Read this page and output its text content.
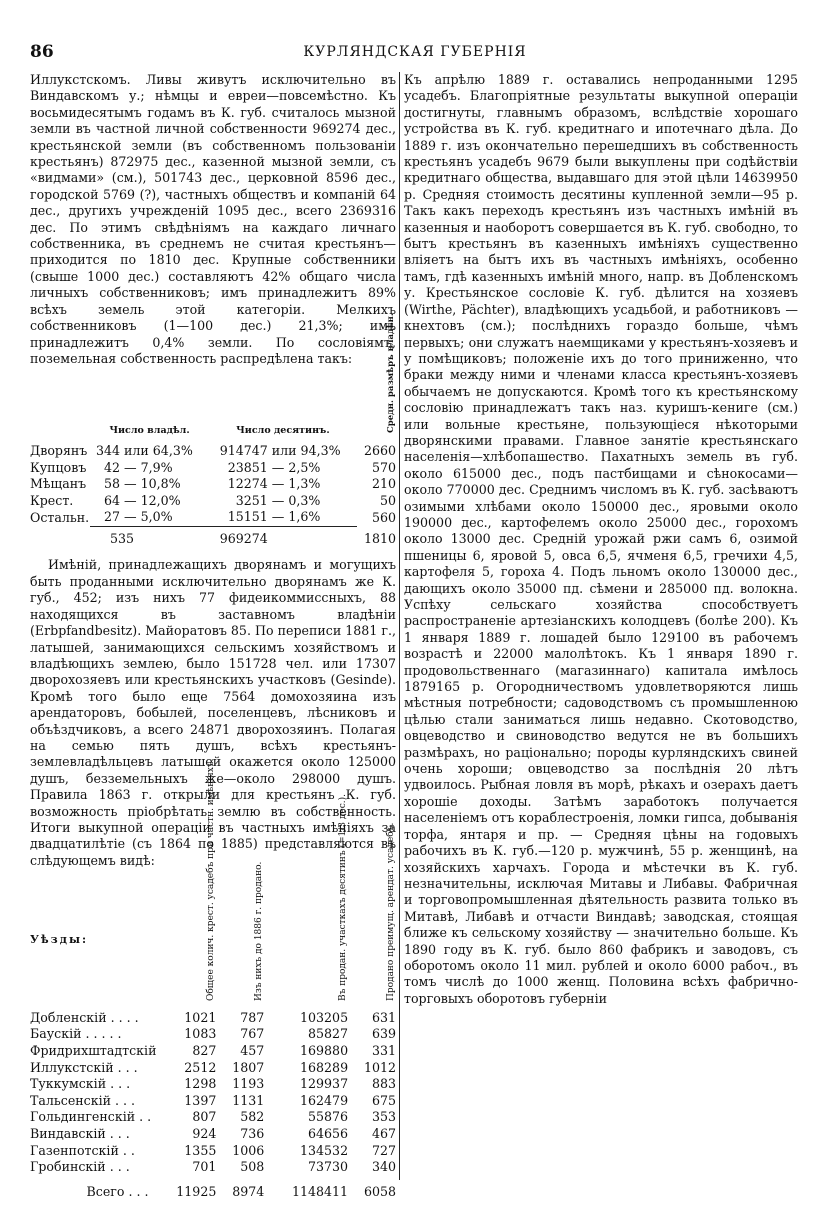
86	КУРЛЯНДСКАЯ ГУБЕРНІЯ

Иллукстскомъ. Ливы живутъ исключительно въ Виндавскомъ у.; нѣмцы и евреи—повсемѣстно. Къ восьмидесятымъ годамъ въ К. губ. считалось мызной земли въ частной личной собственности 969274 дес., крестьянской земли (въ собственномъ пользованіи крестьянъ) 872975 дес., казенной мызной земли, съ «видмами» (см.), 501743 дес., церковной 8596 дес., городской 5769 (?), частныхъ обществъ и компаній 64 дес., другихъ учрежденій 1095 дес., всего 2369316 дес. По этимъ свѣдѣніямъ на каждаго личнаго собственника, въ среднемъ не считая крестьянъ—приходится по 1810 дес. Крупные собственники (свыше 1000 дес.) составляютъ 42% общаго числа личныхъ собственниковъ; имъ принадлежитъ 89% всѣхъ земель этой категоріи. Мелкихъ собственниковъ (1—100 дес.) 21,3%; имъ принадлежитъ 0,4% земли. По сословіямъ, поземельная собственность распредѣлена такъ:

	Число владѣл.		Число десятинъ.		Средн. размѣръ владѣн.
Дворянъ	344	или 64,3%	914747	или 94,3%	2660
Купцовъ	42	— 7,9%	23851	— 2,5%	570
Мѣщанъ	58	— 10,8%	12274	— 1,3%	210
Крест.	64	— 12,0%	3251	— 0,3%	50
Остальн.	27	— 5,0%	15151	— 1,6%	560
	535		969274		1810

Имѣній, принадлежащихъ дворянамъ и могущихъ быть проданными исключительно дворянамъ же К. губ., 452; изъ нихъ 77 фидеикоммиссныхъ, 88 находящихся въ заставномъ владѣніи (Erbpfandbesitz). Майоратовъ 85. По переписи 1881 г., латышей, занимающихся сельскимъ хозяйствомъ и владѣющихъ землею, было 151728 чел. или 17307 дворохозяевъ или крестьянскихъ участковъ (Gesinde). Кромѣ того было еще 7564 домохозяина изъ арендаторовъ, бобылей, поселенцевъ, лѣсниковъ и объѣздчиковъ, а всего 24871 дворохозяинъ. Полагая на семью пять душъ, всѣхъ крестьянъ-землевладѣльцевъ латышей окажется около 125000 душъ, безземельныхъ же—около 298000 душъ. Правила 1863 г. открыли для крестьянъ К. губ. возможность пріобрѣтать землю въ собственность. Итоги выкупной операціи въ частныхъ имѣніяхъ за двадцатилѣтіе (съ 1864 по 1885) представляются въ слѣдующемъ видѣ:

Уѣзды:	Общее колич. крест. усадебъ при частн. имѣніяхъ.	Изъ нихъ до 1886 г. продано.	Въ продан. участкахъ десятинъ (=1/3 дес.).	Продано преимущ. арендат. усадебъ.
Добленскій . . . .	1021	787	103205	631
Баускій . . . . .	1083	767	85827	639
Фридрихштадтскій	827	457	169880	331
Иллукстскій . . .	2512	1807	168289	1012
Туккумскій . . .	1298	1193	129937	883
Тальсенскій . . .	1397	1131	162479	675
Гольдингенскій . .	807	582	55876	353
Виндавскій . . .	924	736	64656	467
Газенпотскій . .	1355	1006	134532	727
Гробинскій . . .	701	508	73730	340
Всего . . .	11925	8974	1148411	6058

Къ апрѣлю 1889 г. оставались непроданными 1295 усадебъ. Благопріятные результаты выкупной операціи достигнуты, главнымъ образомъ, вслѣдствіе хорошаго устройства въ К. губ. кредитнаго и ипотечнаго дѣла. До 1889 г. изъ окончательно перешедшихъ въ собственность крестьянъ усадебъ 9679 были выкуплены при содѣйствіи кредитнаго общества, выдавшаго для этой цѣли 14639950 р. Средняя стоимость десятины купленной земли—95 р. Такъ какъ переходъ крестьянъ изъ частныхъ имѣній въ казенныя и наоборотъ совершается въ К. губ. свободно, то бытъ крестьянъ въ казенныхъ имѣніяхъ существенно вліяетъ на бытъ ихъ въ частныхъ имѣніяхъ, особенно тамъ, гдѣ казенныхъ имѣній много, напр. въ Добленскомъ у. Крестьянское сословіе К. губ. дѣлится на хозяевъ (Wirthe, Pächter), владѣющихъ усадьбой, и работниковъ — кнехтовъ (см.); послѣднихъ гораздо больше, чѣмъ первыхъ; они служатъ наемщиками у крестьянъ-хозяевъ и у помѣщиковъ; положеніе ихъ до того приниженно, что браки между ними и членами класса крестьянъ-хозяевъ обычаемъ не допускаются. Кромѣ того къ крестьянскому сословію принадлежатъ такъ наз. куришъ-кениге (см.) или вольные крестьяне, пользующіеся нѣкоторыми дворянскими правами. Главное занятіе крестьянскаго населенія—хлѣбопашество. Пахатныхъ земель въ губ. около 615000 дес., подъ пастбищами и сѣнокосами—около 770000 дес. Среднимъ числомъ въ К. губ. засѣваютъ озимыми хлѣбами около 150000 дес., яровыми около 190000 дес., картофелемъ около 25000 дес., горохомъ около 13000 дес. Средній урожай ржи самъ 6, озимой пшеницы 6, яровой 5, овса 6,5, ячменя 6,5, гречихи 4,5, картофеля 5, гороха 4. Подъ льномъ около 130000 дес., дающихъ около 35000 пд. сѣмени и 285000 пд. волокна. Успѣху сельскаго хозяйства способствуетъ распространеніе артезіанскихъ колодцевъ (болѣе 200). Къ 1 января 1889 г. лошадей было 129100 въ рабочемъ возрастѣ и 22000 малолѣтокъ. Къ 1 января 1890 г. продовольственнаго (магазиннаго) капитала имѣлось 1879165 р. Огородничествомъ удовлетворяются лишь мѣстныя потребности; садоводствомъ съ промышленною цѣлью стали заниматься лишь недавно. Скотоводство, овцеводство и свиноводство ведутся не въ большихъ размѣрахъ, но раціонально; породы курляндскихъ свиней очень хороши; овцеводство за послѣднія 20 лѣтъ удвоилось. Рыбная ловля въ морѣ, рѣкахъ и озерахъ даетъ хорошіе доходы. Затѣмъ заработокъ получается населеніемъ отъ кораблестроенія, ломки гипса, добыванія торфа, янтаря и пр. — Средняя цѣны на годовыхъ рабочихъ въ К. губ.—120 р. мужчинѣ, 55 р. женщинѣ, на хозяйскихъ харчахъ. Города и мѣстечки въ К. губ. незначительны, исключая Митавы и Либавы. Фабричная и торговопромышленная дѣятельность развита только въ Митавѣ, Либавѣ и отчасти Виндавѣ; заводская, стоящая ближе къ сельскому хозяйству — значительно больше. Къ 1890 году въ К. губ. было 860 фабрикъ и заводовъ, съ оборотомъ около 11 мил. рублей и около 6000 рабоч., въ томъ числѣ до 1000 женщ. Половина всѣхъ фабрично-торговыхъ оборотовъ губерніи
